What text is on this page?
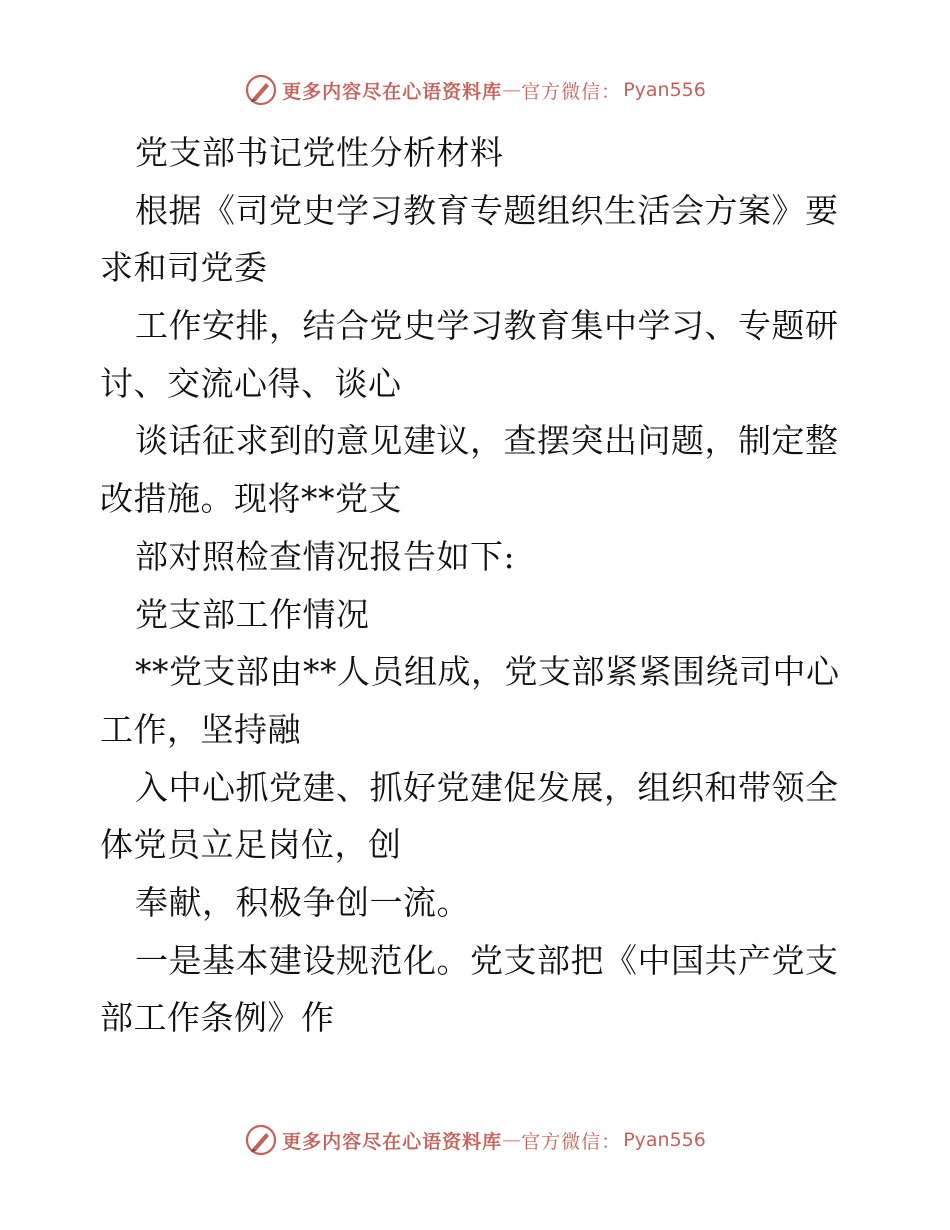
更多内容尽在心语资料库 — 官方微信： Pyan556
党支部书记党性分析材料
根据《司党史学习教育专题组织生活会方案》要
求和司党委
工作安排，结合党史学习教育集中学习、专题研
讨、交流心得、谈心
谈话征求到的意见建议，查摆突出问题，制定整
改措施。现将**党支
部对照检查情况报告如下:
党支部工作情况
**党支部由**人员组成，党支部紧紧围绕司中心
工作，坚持融
入中心抓党建、抓好党建促发展，组织和带领全
体党员立足岗位，创
奉献，积极争创一流。
一是基本建设规范化。党支部把《中国共产党支
部工作条例》作
更多内容尽在心语资料库 — 官方微信： Pyan556
